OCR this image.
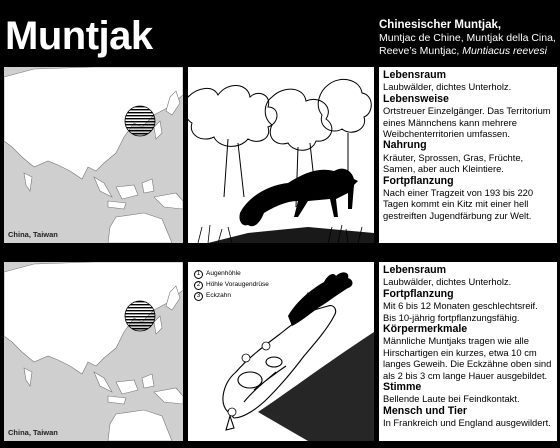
Muntjak	Chinesischer Muntjak,
Muntjac de Chine, Muntjak della Cina,
Reeve’s Muntjac, Muntiacus reevesi
China, Taiwan
Lebensraum
Laubwälder, dichtes Unterholz.
Lebensweise
Ortstreuer Einzelgänger. Das Territorium eines Männchens kann mehrere Weibchenterritorien umfassen.
Nahrung
Kräuter, Sprossen, Gras, Früchte, Samen, aber auch Kleintiere.
Fortpflanzung
Nach einer Tragzeit von 193 bis 220 Tagen kommt ein Kitz mit einer hell gestreiften Jugendfärbung zur Welt.
China, Taiwan
1 Augenhöhle
2 Höhle Voraugendrüse
3 Eckzahn
Lebensraum
Laubwälder, dichtes Unterholz.
Fortpflanzung
Mit 6 bis 12 Monaten geschlechtsreif. Bis 10-jährig fortpflanzungsfähig.
Körpermerkmale
Männliche Muntjaks tragen wie alle Hirschartigen ein kurzes, etwa 10 cm langes Geweih. Die Eckzähne oben sind als 2 bis 3 cm lange Hauer ausgebildet.
Stimme
Bellende Laute bei Feindkontakt.
Mensch und Tier
In Frankreich und England ausgewildert.
